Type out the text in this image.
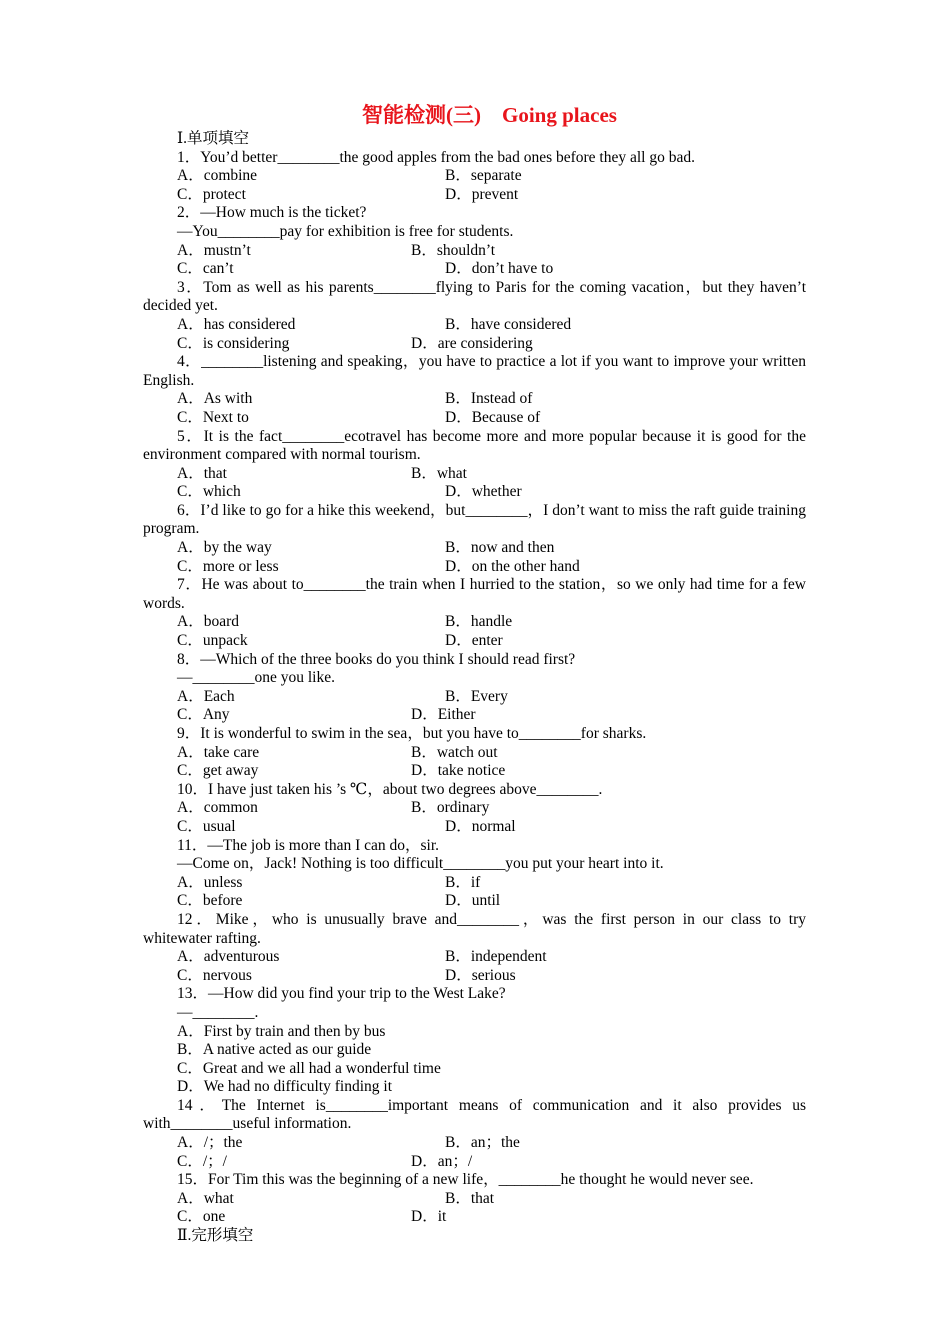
智能检测(三)　Going places
Ⅰ.单项填空
1．You’d better________the good apples from the bad ones before they all go bad.
A．combine	B．separate
C．protect	D．prevent
2．—How much is the ticket?
—You________pay for exhibition is free for students.
A．mustn’t	B．shouldn’t
C．can’t	D．don’t have to
3．Tom as well as his parents________flying to Paris for the coming vacation，but they haven’t decided yet.
A．has considered	B．have considered
C．is considering	D．are considering
4．________listening and speaking，you have to practice a lot if you want to improve your written English.
A．As with	B．Instead of
C．Next to	D．Because of
5．It is the fact________ecotravel has become more and more popular because it is good for the environment compared with normal tourism.
A．that	B．what
C．which	D．whether
6．I’d like to go for a hike this weekend，but________，I don’t want to miss the raft guide training program.
A．by the way	B．now and then
C．more or less	D．on the other hand
7．He was about to________the train when I hurried to the station，so we only had time for a few words.
A．board	B．handle
C．unpack	D．enter
8．—Which of the three books do you think I should read first?
—________one you like.
A．Each	B．Every
C．Any	D．Either
9．It is wonderful to swim in the sea，but you have to________for sharks.
A．take care	B．watch out
C．get away	D．take notice
10．I have just taken his ’s ℃，about two degrees above________.
A．common	B．ordinary
C．usual	D．normal
11．—The job is more than I can do，sir.
—Come on，Jack! Nothing is too difficult________you put your heart into it.
A．unless	B．if
C．before	D．until
12．Mike，who is unusually brave and________，was the first person in our class to try whitewater rafting.
A．adventurous	B．independent
C．nervous	D．serious
13．—How did you find your trip to the West Lake?
—________.
A．First by train and then by bus
B．A native acted as our guide
C．Great and we all had a wonderful time
D．We had no difficulty finding it
14．The Internet is________important means of communication and it also provides us with________useful information.
A．/；the	B．an；the
C．/；/	D．an；/
15．For Tim this was the beginning of a new life，________he thought he would never see.
A．what	B．that
C．one	D．it
Ⅱ.完形填空
